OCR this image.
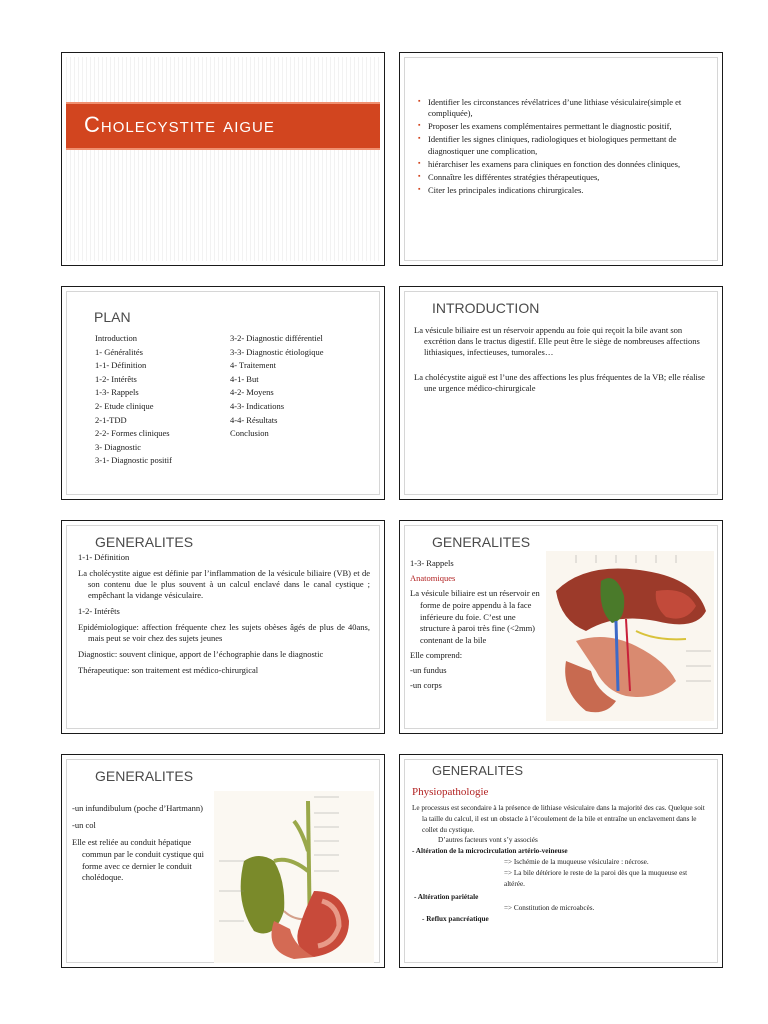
Cholecystite aigue
▪ Identifier les circonstances révélatrices d’une lithiase vésiculaire(simple et compliquée),
▪ Proposer les examens complémentaires permettant le diagnostic positif,
▪ Identifier les signes cliniques, radiologiques et biologiques permettant de diagnostiquer une complication,
▪ hiérarchiser les examens para cliniques en fonction des données cliniques,
▪ Connaître les différentes stratégies thérapeutiques,
▪ Citer les principales indications chirurgicales.
PLAN
Introduction
1- Généralités
1-1- Définition
1-2- Intérêts
1-3- Rappels
2- Etude clinique
2-1-TDD
2-2- Formes cliniques
3- Diagnostic
3-1- Diagnostic positif
3-2- Diagnostic différentiel
3-3- Diagnostic étiologique
4- Traitement
4-1- But
4-2- Moyens
4-3- Indications
4-4- Résultats
Conclusion
INTRODUCTION

La vésicule biliaire est un réservoir appendu au foie qui reçoit la bile avant son excrétion dans le tractus digestif. Elle peut être le siège de nombreuses affections lithiasiques, infectieuses, tumorales…

La cholécystite aiguë est l’une des affections les plus fréquentes de la VB; elle réalise une urgence médico-chirurgicale

GENERALITES

1-1- Définition

La cholécystite aigue est définie par l’inflammation de la vésicule biliaire (VB) et de son contenu due le plus souvent à un calcul enclavé dans le canal cystique ; empêchant la vidange vésiculaire.

1-2- Intérêts

Epidémiologique: affection fréquente chez les sujets obèses âgés de plus de 40ans, mais peut se voir chez des sujets jeunes

Diagnostic: souvent clinique, apport de l’échographie dans le diagnostic

Thérapeutique: son traitement est médico-chirurgical

GENERALITES

1-3- Rappels

Anatomiques

La vésicule biliaire est un réservoir en forme de poire appendu à la face inférieure du foie. C’est une structure à paroi très fine (<2mm) contenant de la bile

Elle comprend:

-un fundus

-un corps

GENERALITES

-un infundibulum (poche d’Hartmann)

-un col

Elle est reliée au conduit hépatique commun par le conduit cystique qui forme avec ce dernier le conduit cholédoque.

GENERALITES
Physiopathologie

Le processus est secondaire à la présence de lithiase vésiculaire dans la majorité des cas. Quelque soit la taille du calcul, il est un obstacle à l’écoulement de la bile et entraîne un enclavement dans le collet du cystique.

D’autres facteurs vont s’y associés

- Altération de la microcirculation artério-veineuse

=> Ischémie de la muqueuse vésiculaire : nécrose.

=> La bile détériore le reste de la paroi dès que la muqueuse est altérée.

- Altération pariétale

=> Constitution de microabcès.

- Reflux pancréatique
